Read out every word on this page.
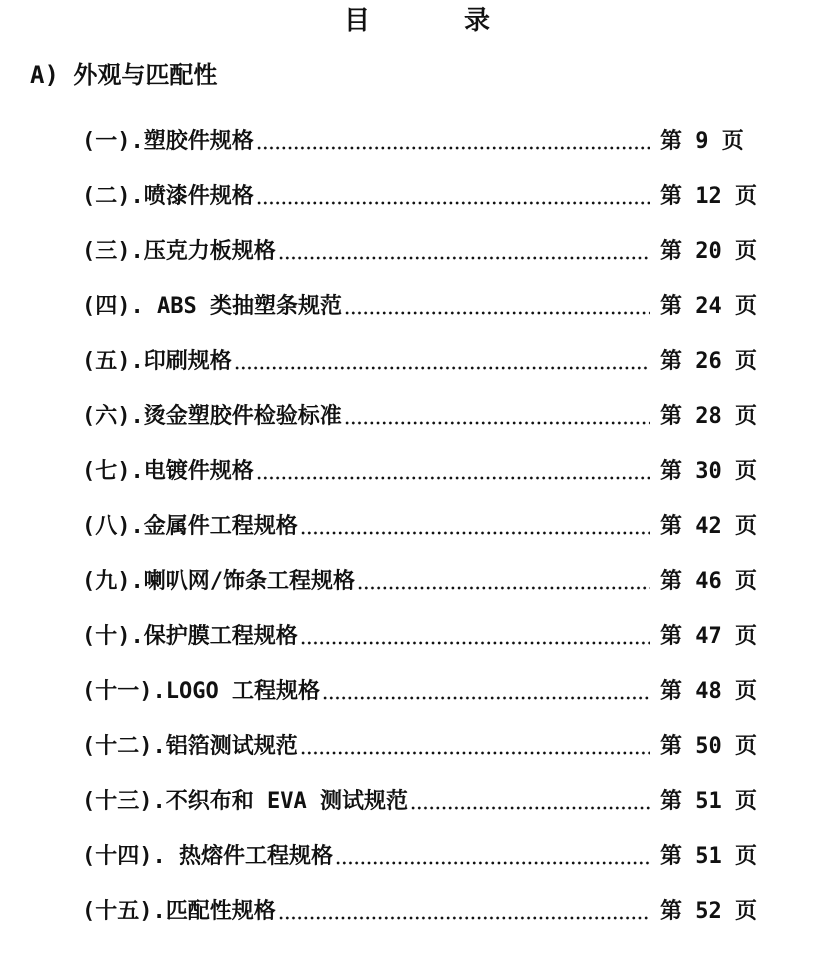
目	录
A) 外观与匹配性
(一).塑胶件规格	第 9 页
(二).喷漆件规格	第 12 页
(三).压克力板规格	第 20 页
(四). ABS 类抽塑条规范	第 24 页
(五).印刷规格	第 26 页
(六).烫金塑胶件检验标准	第 28 页
(七).电镀件规格	第 30 页
(八).金属件工程规格	第 42 页
(九).喇叭网/饰条工程规格	第 46 页
(十).保护膜工程规格	第 47 页
(十一).LOGO 工程规格	第 48 页
(十二).铝箔测试规范	第 50 页
(十三).不织布和 EVA 测试规范	第 51 页
(十四). 热熔件工程规格	第 51 页
(十五).匹配性规格	第 52 页
